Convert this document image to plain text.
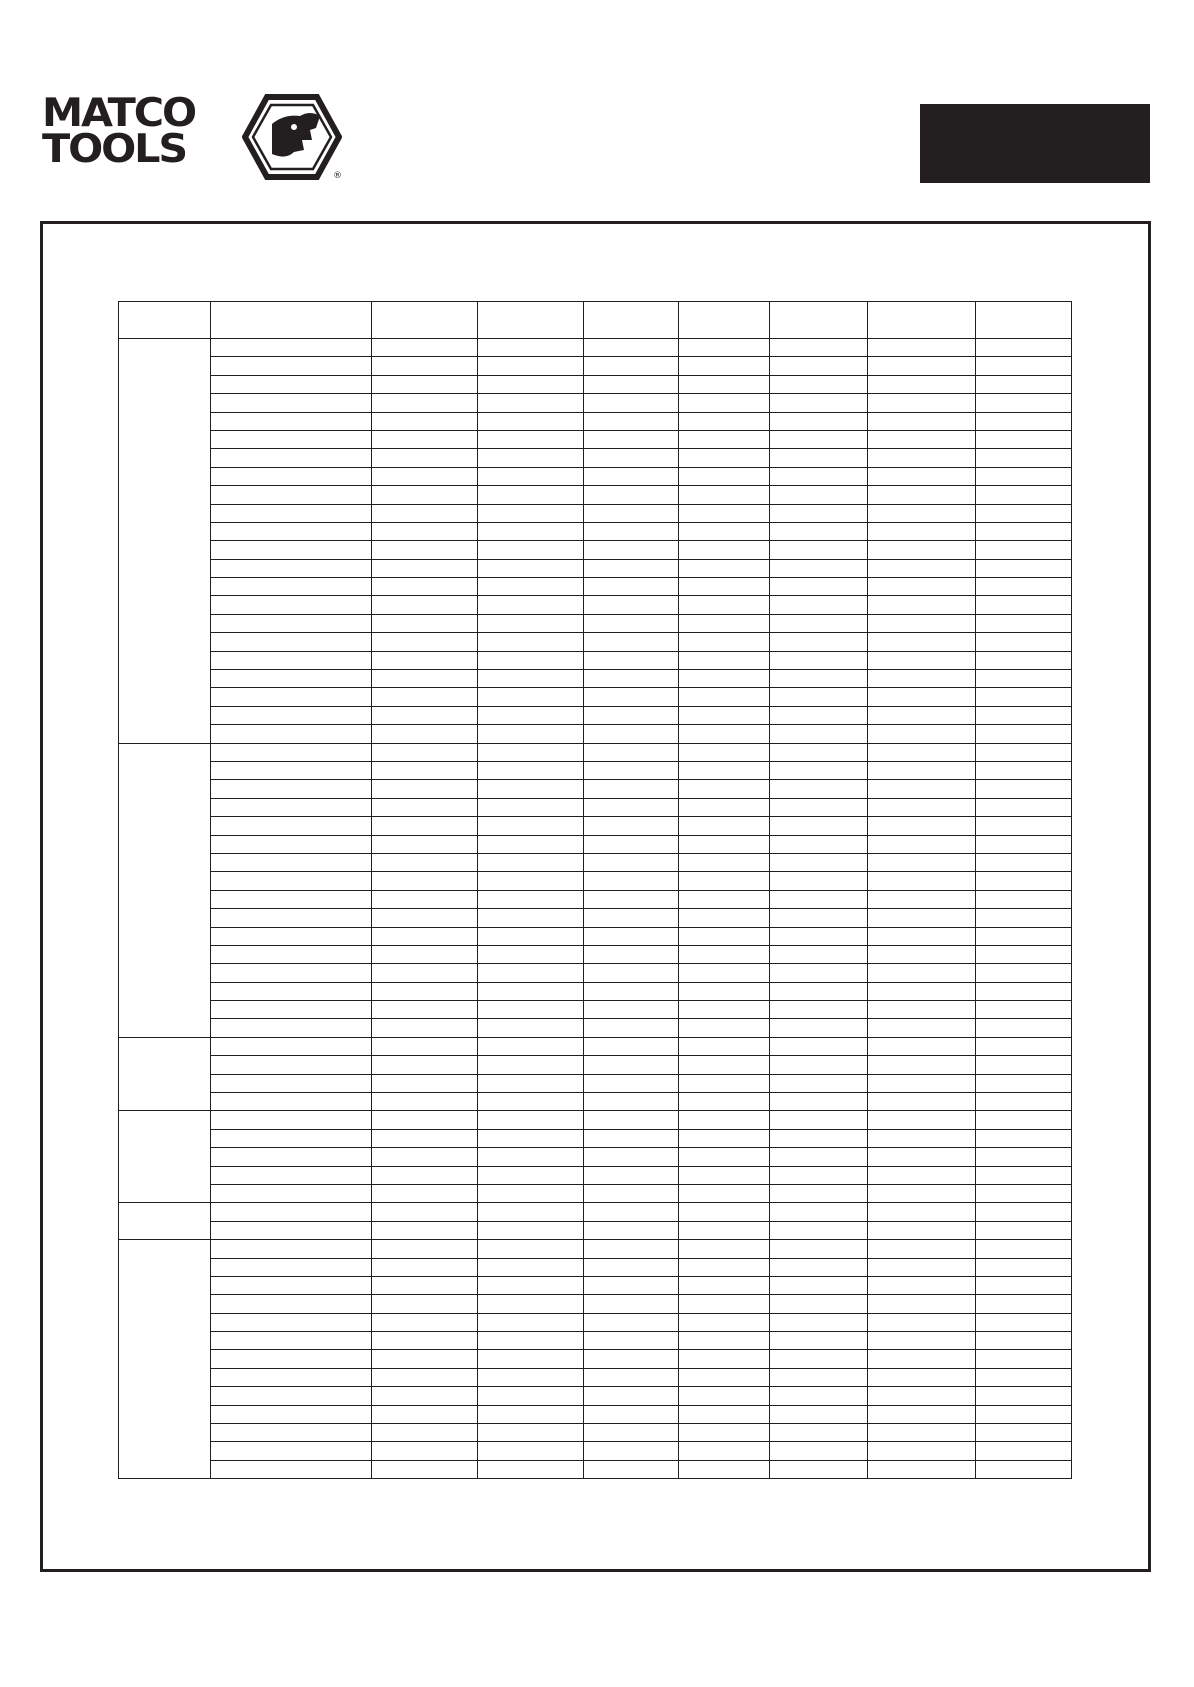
MATCO
TOOLS
®
